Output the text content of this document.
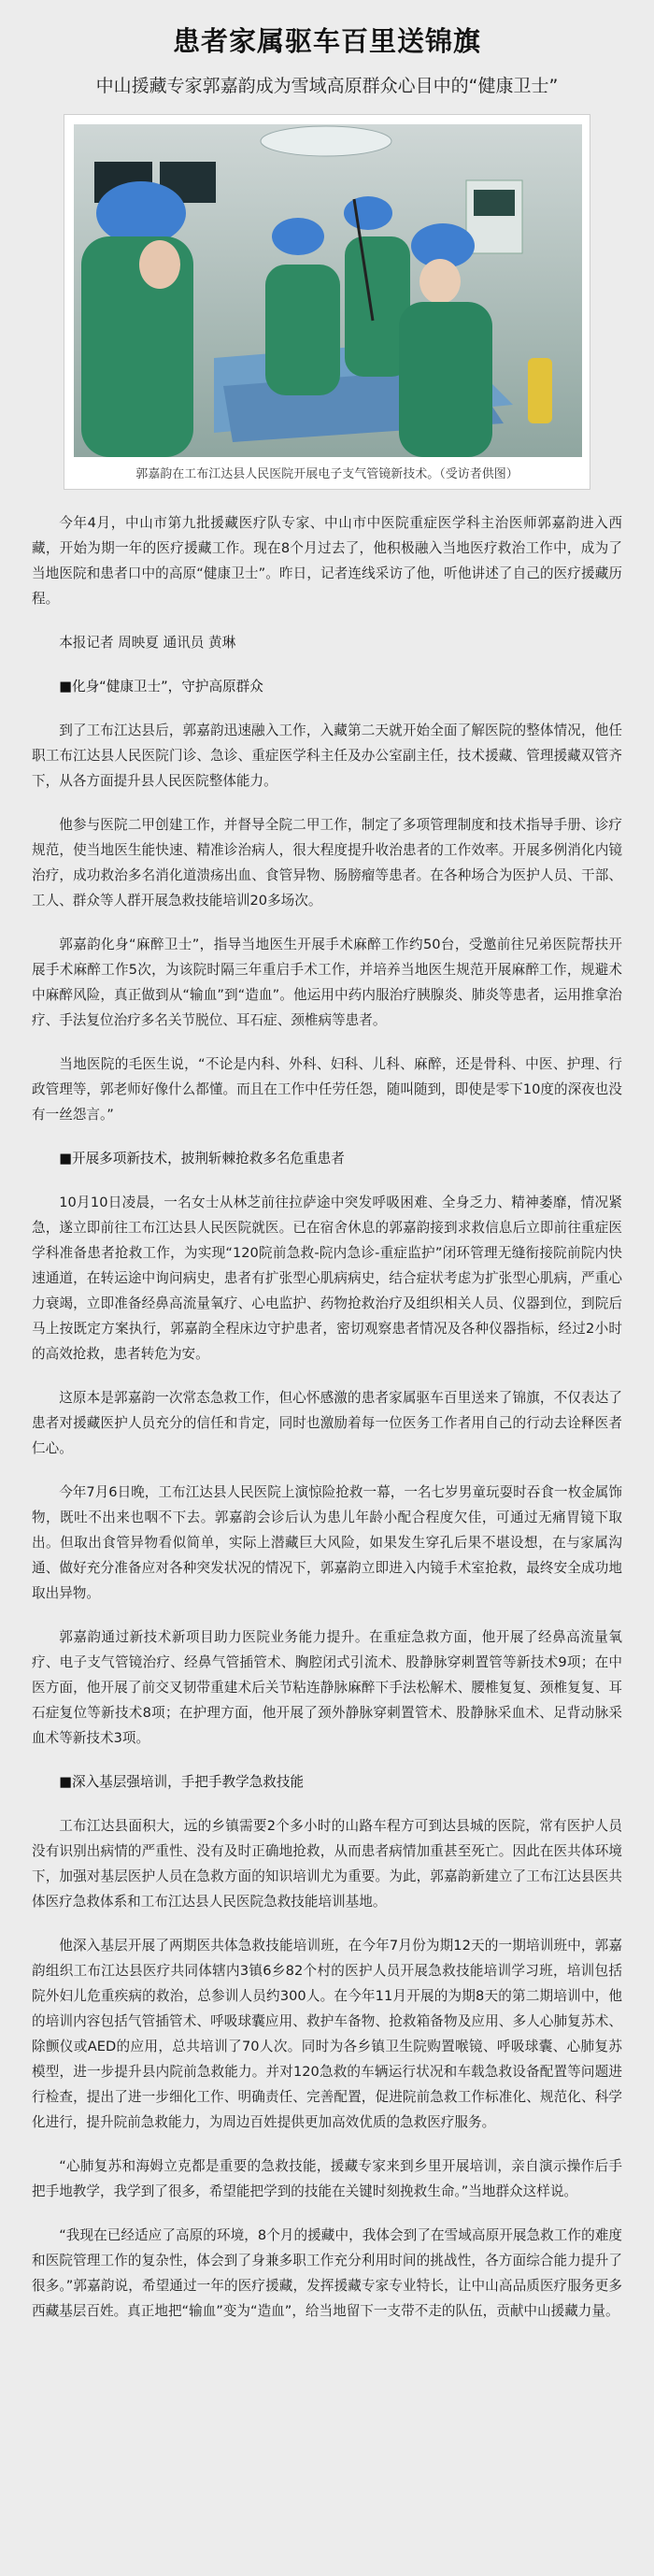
患者家属驱车百里送锦旗
中山援藏专家郭嘉韵成为雪域高原群众心目中的“健康卫士”
郭嘉韵在工布江达县人民医院开展电子支气管镜新技术。（受访者供图）

今年4月，中山市第九批援藏医疗队专家、中山市中医院重症医学科主治医师郭嘉韵进入西藏，开始为期一年的医疗援藏工作。现在8个月过去了，他积极融入当地医疗救治工作中，成为了当地医院和患者口中的高原“健康卫士”。昨日，记者连线采访了他，听他讲述了自己的医疗援藏历程。

本报记者 周映夏 通讯员 黄琳

■化身“健康卫士”，守护高原群众

到了工布江达县后，郭嘉韵迅速融入工作，入藏第二天就开始全面了解医院的整体情况，他任职工布江达县人民医院门诊、急诊、重症医学科主任及办公室副主任，技术援藏、管理援藏双管齐下，从各方面提升县人民医院整体能力。

他参与医院二甲创建工作，并督导全院二甲工作，制定了多项管理制度和技术指导手册、诊疗规范，使当地医生能快速、精准诊治病人，很大程度提升收治患者的工作效率。开展多例消化内镜治疗，成功救治多名消化道溃疡出血、食管异物、肠膀瘤等患者。在各种场合为医护人员、干部、工人、群众等人群开展急救技能培训20多场次。

郭嘉韵化身“麻醉卫士”，指导当地医生开展手术麻醉工作约50台，受邀前往兄弟医院帮扶开展手术麻醉工作5次，为该院时隔三年重启手术工作，并培养当地医生规范开展麻醉工作，规避术中麻醉风险，真正做到从“输血”到“造血”。他运用中药内服治疗胰腺炎、肺炎等患者，运用推拿治疗、手法复位治疗多名关节脱位、耳石症、颈椎病等患者。

当地医院的毛医生说，“不论是内科、外科、妇科、儿科、麻醉，还是骨科、中医、护理、行政管理等，郭老师好像什么都懂。而且在工作中任劳任怨，随叫随到，即使是零下10度的深夜也没有一丝怨言。”

■开展多项新技术，披荆斩棘抢救多名危重患者

10月10日凌晨，一名女士从林芝前往拉萨途中突发呼吸困难、全身乏力、精神萎靡，情况紧急，遂立即前往工布江达县人民医院就医。已在宿舍休息的郭嘉韵接到求救信息后立即前往重症医学科准备患者抢救工作，为实现“120院前急救-院内急诊-重症监护”闭环管理无缝衔接院前院内快速通道，在转运途中询问病史，患者有扩张型心肌病病史，结合症状考虑为扩张型心肌病，严重心力衰竭，立即准备经鼻高流量氧疗、心电监护、药物抢救治疗及组织相关人员、仪器到位，到院后马上按既定方案执行，郭嘉韵全程床边守护患者，密切观察患者情况及各种仪器指标，经过2小时的高效抢救，患者转危为安。

这原本是郭嘉韵一次常态急救工作，但心怀感激的患者家属驱车百里送来了锦旗，不仅表达了患者对援藏医护人员充分的信任和肯定，同时也激励着每一位医务工作者用自己的行动去诠释医者仁心。

今年7月6日晚，工布江达县人民医院上演惊险抢救一幕，一名七岁男童玩耍时吞食一枚金属饰物，既吐不出来也咽不下去。郭嘉韵会诊后认为患儿年龄小配合程度欠佳，可通过无痛胃镜下取出。但取出食管异物看似简单，实际上潜藏巨大风险，如果发生穿孔后果不堪设想，在与家属沟通、做好充分准备应对各种突发状况的情况下，郭嘉韵立即进入内镜手术室抢救，最终安全成功地取出异物。

郭嘉韵通过新技术新项目助力医院业务能力提升。在重症急救方面，他开展了经鼻高流量氧疗、电子支气管镜治疗、经鼻气管插管术、胸腔闭式引流术、股静脉穿刺置管等新技术9项；在中医方面，他开展了前交叉韧带重建术后关节粘连静脉麻醉下手法松解术、腰椎复复、颈椎复复、耳石症复位等新技术8项；在护理方面，他开展了颈外静脉穿刺置管术、股静脉采血术、足背动脉采血术等新技术3项。

■深入基层强培训，手把手教学急救技能

工布江达县面积大，远的乡镇需要2个多小时的山路车程方可到达县城的医院，常有医护人员没有识别出病情的严重性、没有及时正确地抢救，从而患者病情加重甚至死亡。因此在医共体环境下，加强对基层医护人员在急救方面的知识培训尤为重要。为此，郭嘉韵新建立了工布江达县医共体医疗急救体系和工布江达县人民医院急救技能培训基地。

他深入基层开展了两期医共体急救技能培训班，在今年7月份为期12天的一期培训班中，郭嘉韵组织工布江达县医疗共同体辖内3镇6乡82个村的医护人员开展急救技能培训学习班，培训包括院外妇儿危重疾病的救治，总参训人员约300人。在今年11月开展的为期8天的第二期培训中，他的培训内容包括气管插管术、呼吸球囊应用、救护车备物、抢救箱备物及应用、多人心肺复苏术、除颤仪或AED的应用，总共培训了70人次。同时为各乡镇卫生院购置喉镜、呼吸球囊、心肺复苏模型，进一步提升县内院前急救能力。并对120急救的车辆运行状况和车载急救设备配置等问题进行检查，提出了进一步细化工作、明确责任、完善配置，促进院前急救工作标准化、规范化、科学化进行，提升院前急救能力，为周边百姓提供更加高效优质的急救医疗服务。

“心肺复苏和海姆立克都是重要的急救技能，援藏专家来到乡里开展培训，亲自演示操作后手把手地教学，我学到了很多，希望能把学到的技能在关键时刻挽救生命。”当地群众这样说。

“我现在已经适应了高原的环境，8个月的援藏中，我体会到了在雪域高原开展急救工作的难度和医院管理工作的复杂性，体会到了身兼多职工作充分利用时间的挑战性，各方面综合能力提升了很多。”郭嘉韵说，希望通过一年的医疗援藏，发挥援藏专家专业特长，让中山高品质医疗服务更多西藏基层百姓。真正地把“输血”变为“造血”，给当地留下一支带不走的队伍，贡献中山援藏力量。
